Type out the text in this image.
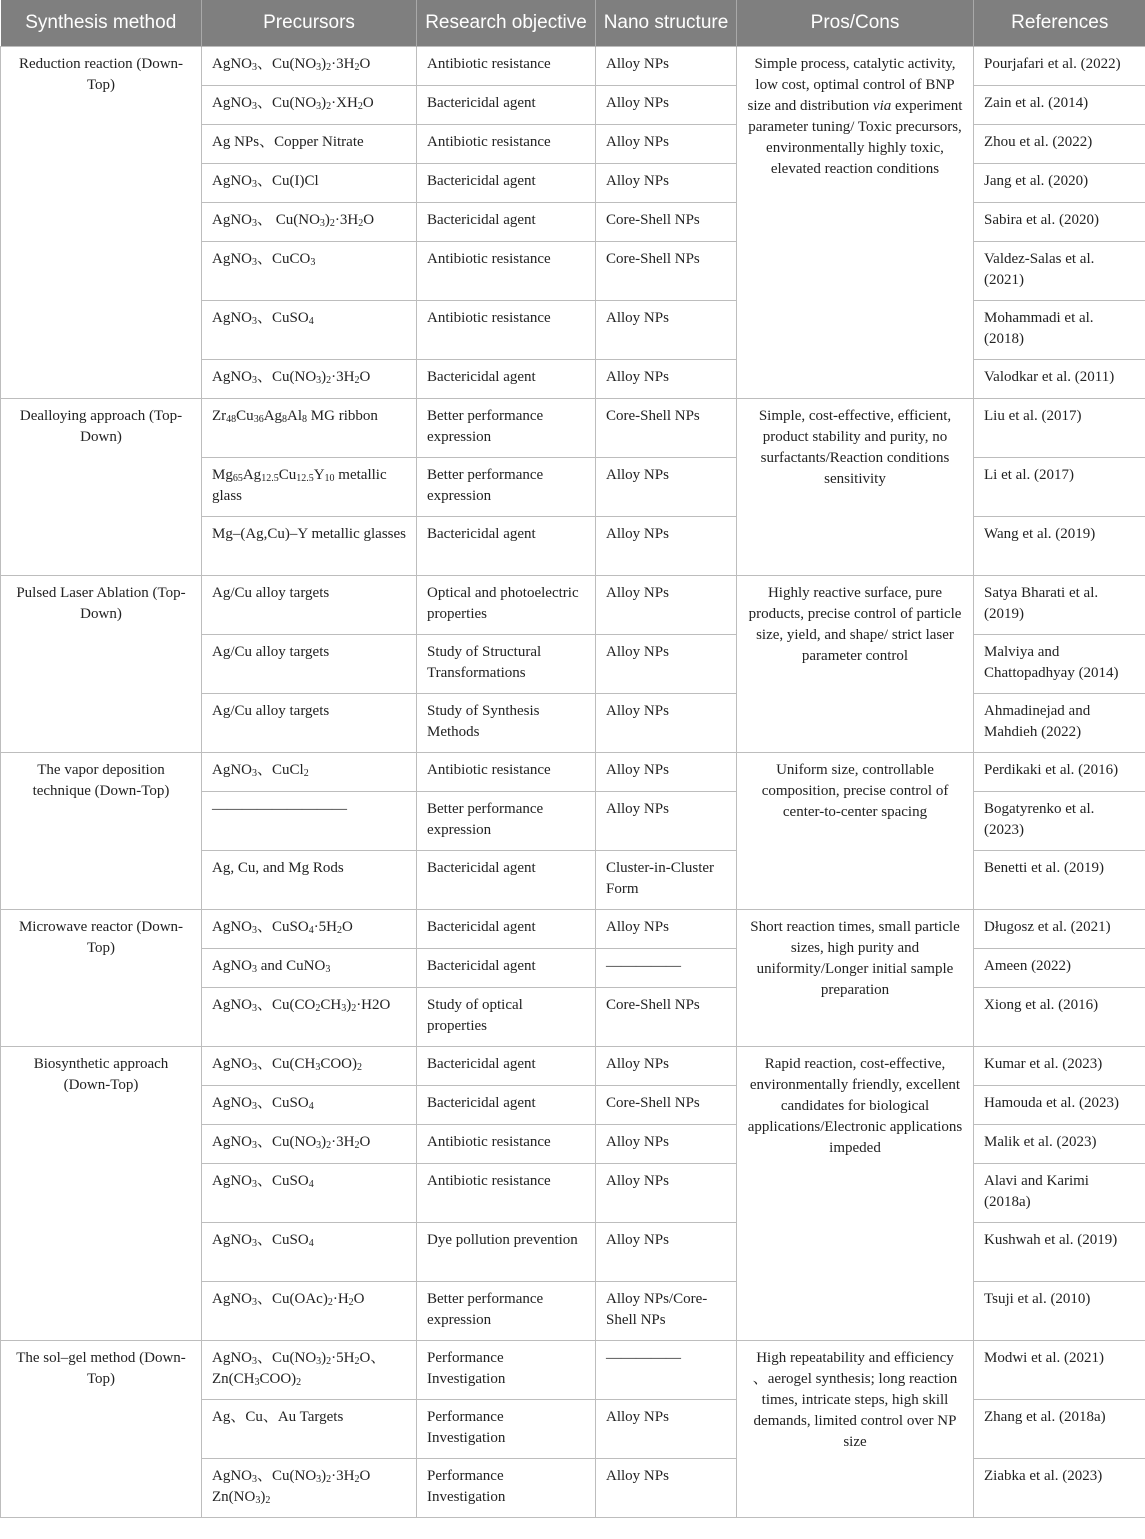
Synthesis method	Precursors	Research objective	Nano structure	Pros/Cons	References
Reduction reaction (Down-Top)	AgNO$_3$、$Cu(NO_3)_2\cdot 3H_2O$	Antibiotic resistance	Alloy NPs	Simple process, catalytic activity, low cost, optimal control of BNP size and distribution via experiment parameter tuning/ Toxic precursors, environmentally highly toxic, elevated reaction conditions	Pourjafari et al. (2022)
	AgNO$_3$、$Cu(NO_3)_2\cdot XH_2O$	Bactericidal agent	Alloy NPs		Zain et al. (2014)
	Ag NPs、Copper Nitrate	Antibiotic resistance	Alloy NPs		Zhou et al. (2022)
	AgNO$_3$、Cu(I)Cl	Bactericidal agent	Alloy NPs		Jang et al. (2020)
	AgNO$_3$、 $Cu(NO_3)_2\cdot 3H_2O$	Bactericidal agent	Core-Shell NPs		Sabira et al. (2020)
	AgNO$_3$、CuCO$_3$	Antibiotic resistance	Core-Shell NPs		Valdez-Salas et al. (2021)
	AgNO$_3$、CuSO$_4$	Antibiotic resistance	Alloy NPs		Mohammadi et al. (2018)
	AgNO$_3$、$Cu(NO_3)_2\cdot 3H_2O$	Bactericidal agent	Alloy NPs		Valodkar et al. (2011)
Dealloying approach (Top-Down)	$Zr_{48}Cu_{36}Ag_8Al_8$ MG ribbon	Better performance expression	Core-Shell NPs	Simple, cost-effective, efficient, product stability and purity, no surfactants/Reaction conditions sensitivity	Liu et al. (2017)
	$Mg_{65}Ag_{12.5}Cu_{12.5}Y_{10}$ metallic glass	Better performance expression	Alloy NPs		Li et al. (2017)
	Mg–(Ag,Cu)–Y metallic glasses	Bactericidal agent	Alloy NPs		Wang et al. (2019)
Pulsed Laser Ablation (Top-Down)	Ag/Cu alloy targets	Optical and photoelectric properties	Alloy NPs	Highly reactive surface, pure products, precise control of particle size, yield, and shape/ strict laser parameter control	Satya Bharati et al. (2019)
	Ag/Cu alloy targets	Study of Structural Transformations	Alloy NPs		Malviya and Chattopadhyay (2014)
	Ag/Cu alloy targets	Study of Synthesis Methods	Alloy NPs		Ahmadinejad and Mahdieh (2022)
The vapor deposition technique (Down-Top)	AgNO$_3$、CuCl$_2$	Antibiotic resistance	Alloy NPs	Uniform size, controllable composition, precise control of center-to-center spacing	Perdikaki et al. (2016)
	—————————	Better performance expression	Alloy NPs		Bogatyrenko et al. (2023)
	Ag, Cu, and Mg Rods	Bactericidal agent	Cluster-in-Cluster Form		Benetti et al. (2019)
Microwave reactor (Down-Top)	AgNO$_3$、$CuSO_4\cdot 5H_2O$	Bactericidal agent	Alloy NPs	Short reaction times, small particle sizes, high purity and uniformity/Longer initial sample preparation	Długosz et al. (2021)
	AgNO$_3$ and CuNO$_3$	Bactericidal agent	—————		Ameen (2022)
	AgNO$_3$、$Cu(CO_2CH_3)_2\cdot H2O$	Study of optical properties	Core-Shell NPs		Xiong et al. (2016)
Biosynthetic approach (Down-Top)	AgNO$_3$、$Cu(CH_3COO)_2$	Bactericidal agent	Alloy NPs	Rapid reaction, cost-effective, environmentally friendly, excellent candidates for biological applications/Electronic applications impeded	Kumar et al. (2023)
	AgNO$_3$、CuSO$_4$	Bactericidal agent	Core-Shell NPs		Hamouda et al. (2023)
	AgNO$_3$、$Cu(NO_3)_2\cdot 3H_2O$	Antibiotic resistance	Alloy NPs		Malik et al. (2023)
	AgNO$_3$、CuSO$_4$	Antibiotic resistance	Alloy NPs		Alavi and Karimi (2018a)
	AgNO$_3$、CuSO$_4$	Dye pollution prevention	Alloy NPs		Kushwah et al. (2019)
	AgNO$_3$、$Cu(OAc)_2\cdot H_2O$	Better performance expression	Alloy NPs/Core-Shell NPs		Tsuji et al. (2010)
The sol–gel method (Down-Top)	AgNO$_3$、$Cu(NO_3)_2\cdot 5H_2O$、$Zn(CH_3COO)_2$	Performance Investigation	—————	High repeatability and efficiency 、aerogel synthesis; long reaction times, intricate steps, high skill demands, limited control over NP size	Modwi et al. (2021)
	Ag、Cu、Au Targets	Performance Investigation	Alloy NPs		Zhang et al. (2018a)
	AgNO$_3$、$Cu(NO_3)_2\cdot 3H_2O$ $Zn(NO_3)_2$	Performance Investigation	Alloy NPs		Ziabka et al. (2023)
